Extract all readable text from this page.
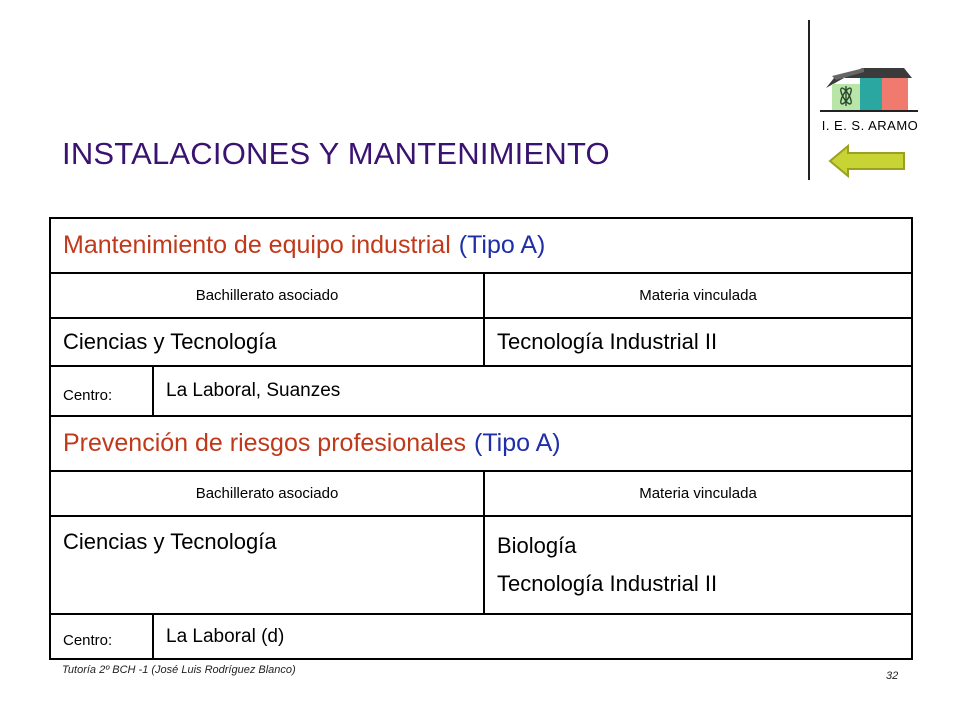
I. E. S. ARAMO
INSTALACIONES Y MANTENIMIENTO
Mantenimiento de equipo industrial (Tipo A)
Bachillerato asociado	Materia vinculada
Ciencias y Tecnología	Tecnología Industrial II
Centro:	La Laboral, Suanzes
Prevención de riesgos profesionales (Tipo A)
Bachillerato asociado	Materia vinculada
Ciencias y Tecnología	Biología
Tecnología Industrial II
Centro:	La Laboral (d)
Tutoría 2º BCH -1 (José Luis Rodríguez Blanco)	32
